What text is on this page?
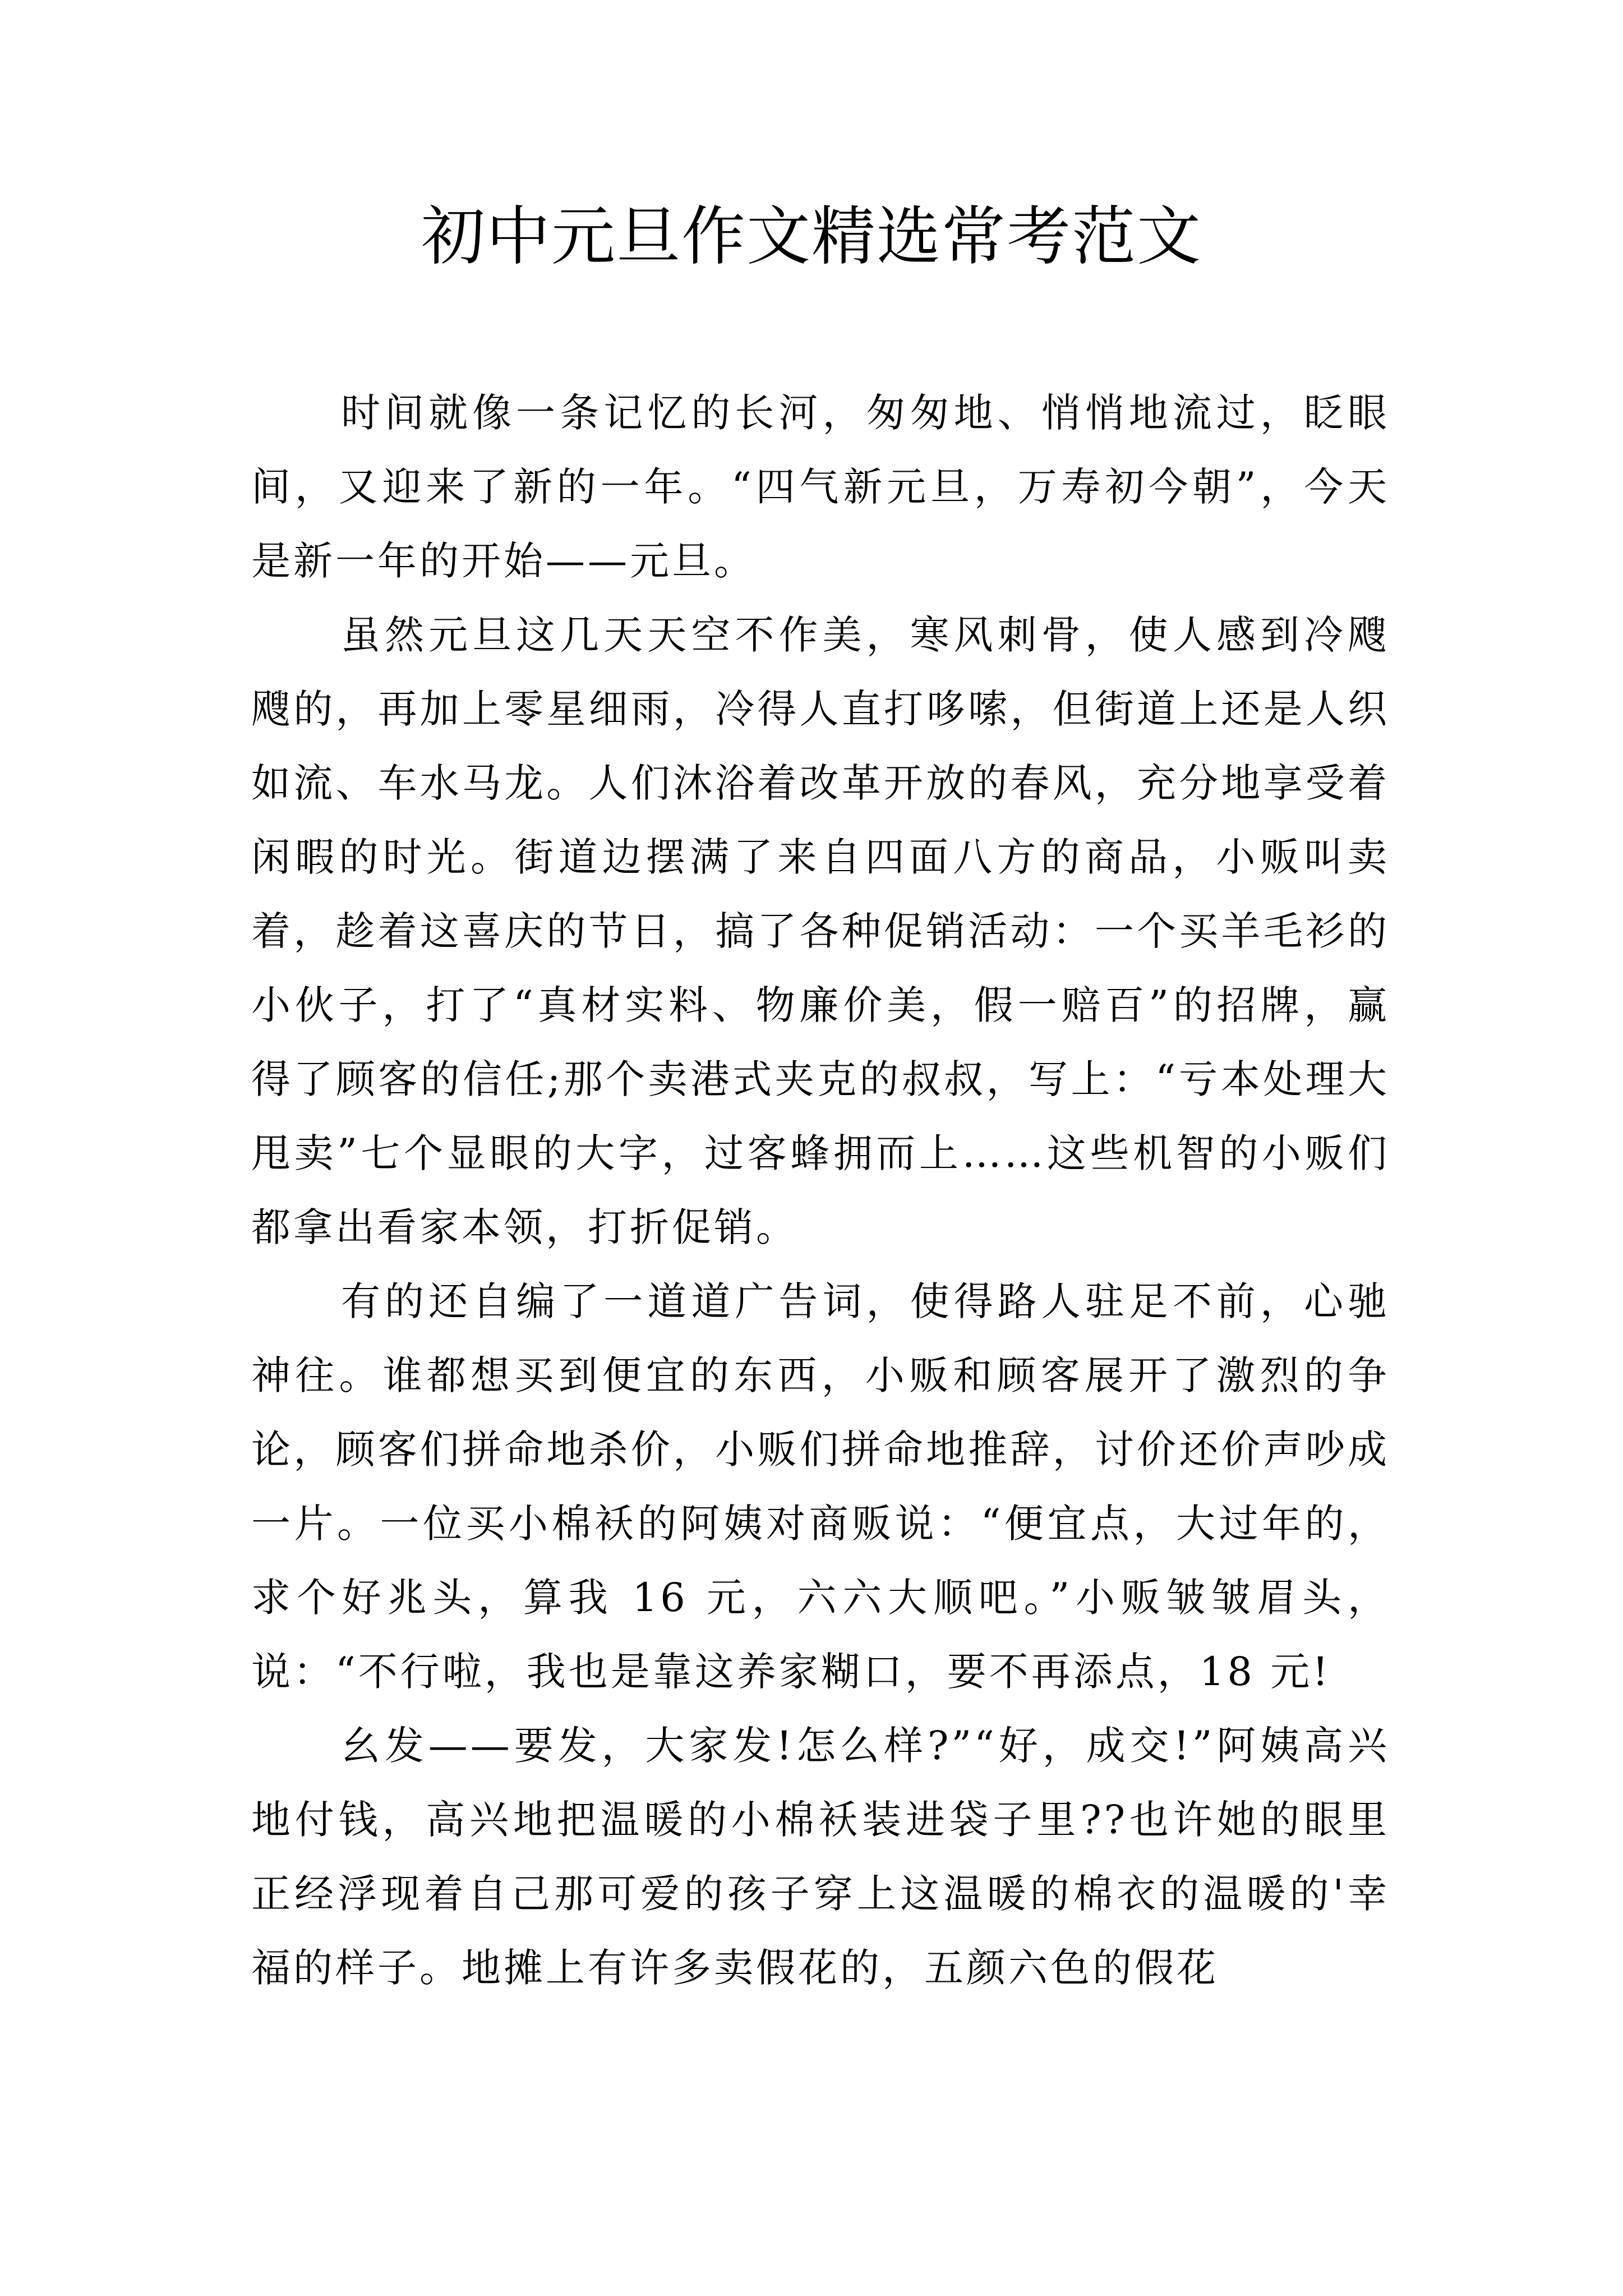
初中元旦作文精选常考范文

时间就像一条记忆的长河，匆匆地、悄悄地流过，眨眼间，又迎来了新的一年。“四气新元旦，万寿初今朝”，今天是新一年的开始——元旦。

虽然元旦这几天天空不作美，寒风刺骨，使人感到冷飕飕的，再加上零星细雨，冷得人直打哆嗦，但街道上还是人织如流、车水马龙。人们沐浴着改革开放的春风，充分地享受着闲暇的时光。街道边摆满了来自四面八方的商品，小贩叫卖着，趁着这喜庆的节日，搞了各种促销活动：一个买羊毛衫的小伙子，打了“真材实料、物廉价美，假一赔百”的招牌，赢得了顾客的信任;那个卖港式夹克的叔叔，写上：“亏本处理大甩卖”七个显眼的大字，过客蜂拥而上……这些机智的小贩们都拿出看家本领，打折促销。

有的还自编了一道道广告词，使得路人驻足不前，心驰神往。谁都想买到便宜的东西，小贩和顾客展开了激烈的争论，顾客们拼命地杀价，小贩们拼命地推辞，讨价还价声吵成一片。一位买小棉袄的阿姨对商贩说：“便宜点，大过年的，求个好兆头，算我 16 元，六六大顺吧。”小贩皱皱眉头，说：“不行啦，我也是靠这养家糊口，要不再添点，18 元!

幺发——要发，大家发!怎么样?”“好，成交!”阿姨高兴地付钱，高兴地把温暖的小棉袄装进袋子里??也许她的眼里正经浮现着自己那可爱的孩子穿上这温暖的棉衣的温暖的'幸福的样子。地摊上有许多卖假花的，五颜六色的假花
